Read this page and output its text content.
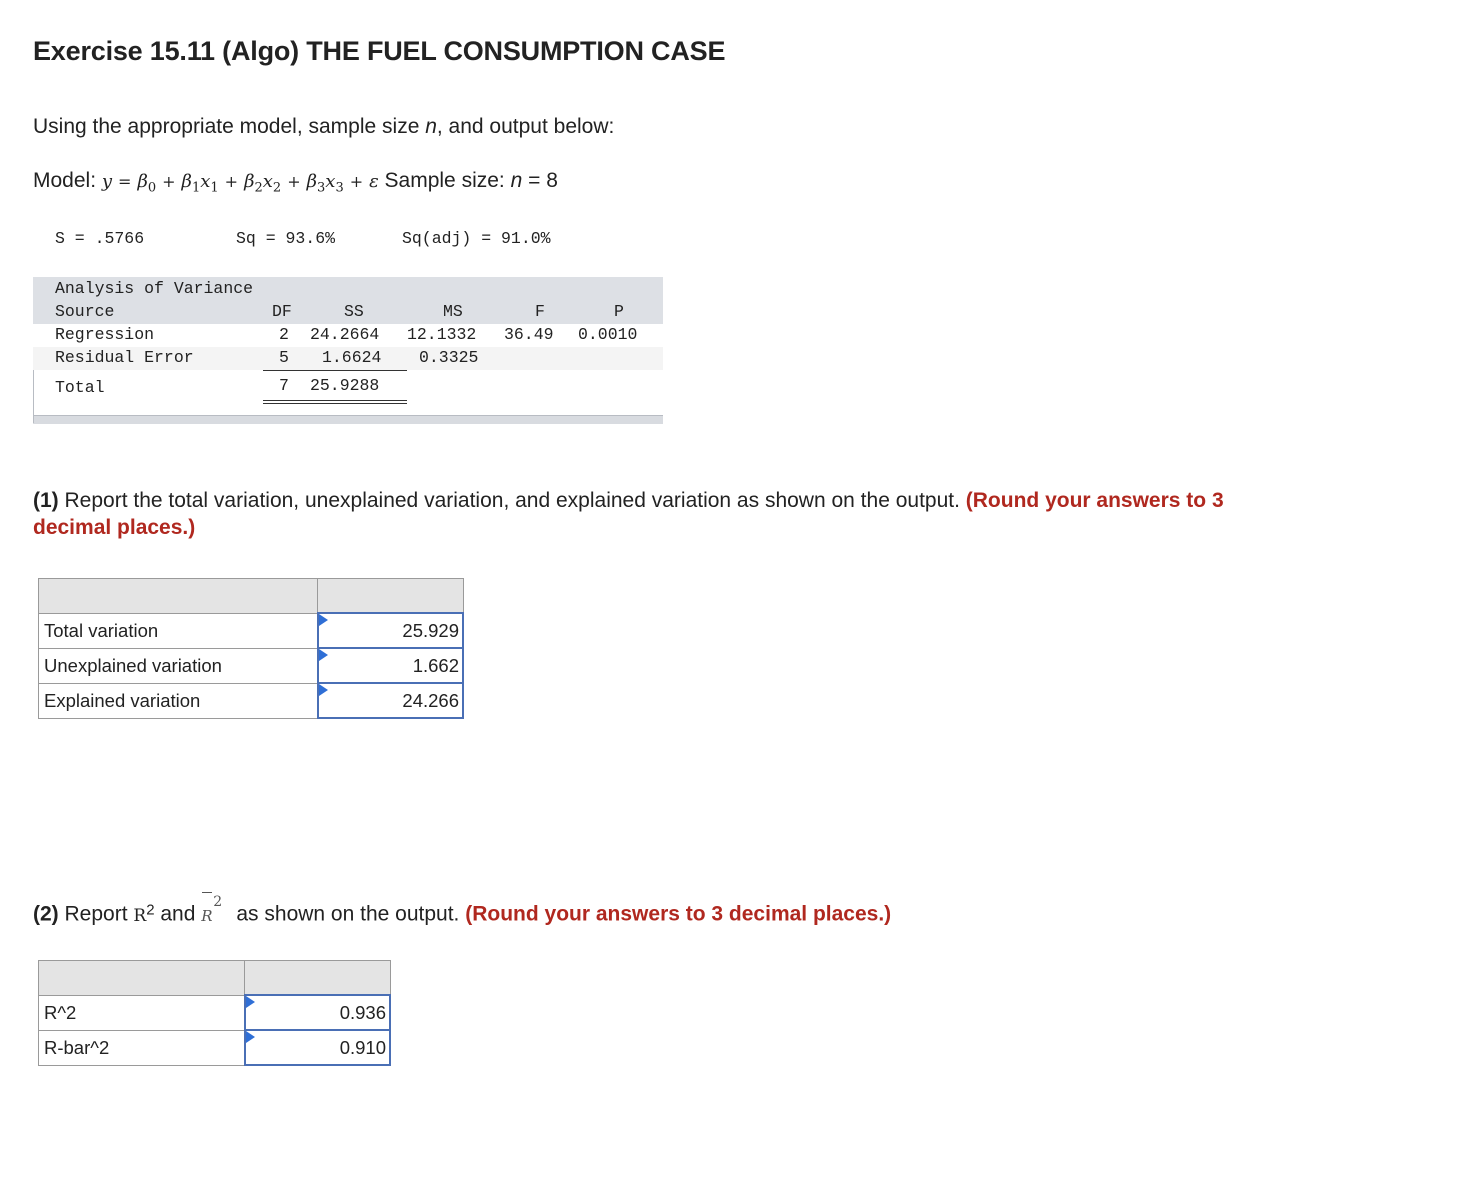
Exercise 15.11 (Algo) THE FUEL CONSUMPTION CASE
Using the appropriate model, sample size n, and output below:
Model: $y = \beta_0 + \beta_1x_1 + \beta_2x_2 + \beta_3x_3 + \varepsilon$ Sample size: n = 8

S = .5766

	Sq = 93.6%

	Sq(adj) = 91.0%

Analysis of Variance
Source	DF	SS	MS	F	P
Regression	2 24.2664 12.1332 36.49 0.0010
Residual Error	5 1.6624 0.3325
Total	7 25.9288
(1) Report the total variation, unexplained variation, and explained variation as shown on the output. (Round your answers to 3
decimal places.)

Total variation	25.929
Unexplained variation	1.662
Explained variation	24.266
(2) Report $R^2$ and
R
2
as shown on the output. (Round your answers to 3 decimal places.)

R^2	0.936
R-bar^2	0.910
